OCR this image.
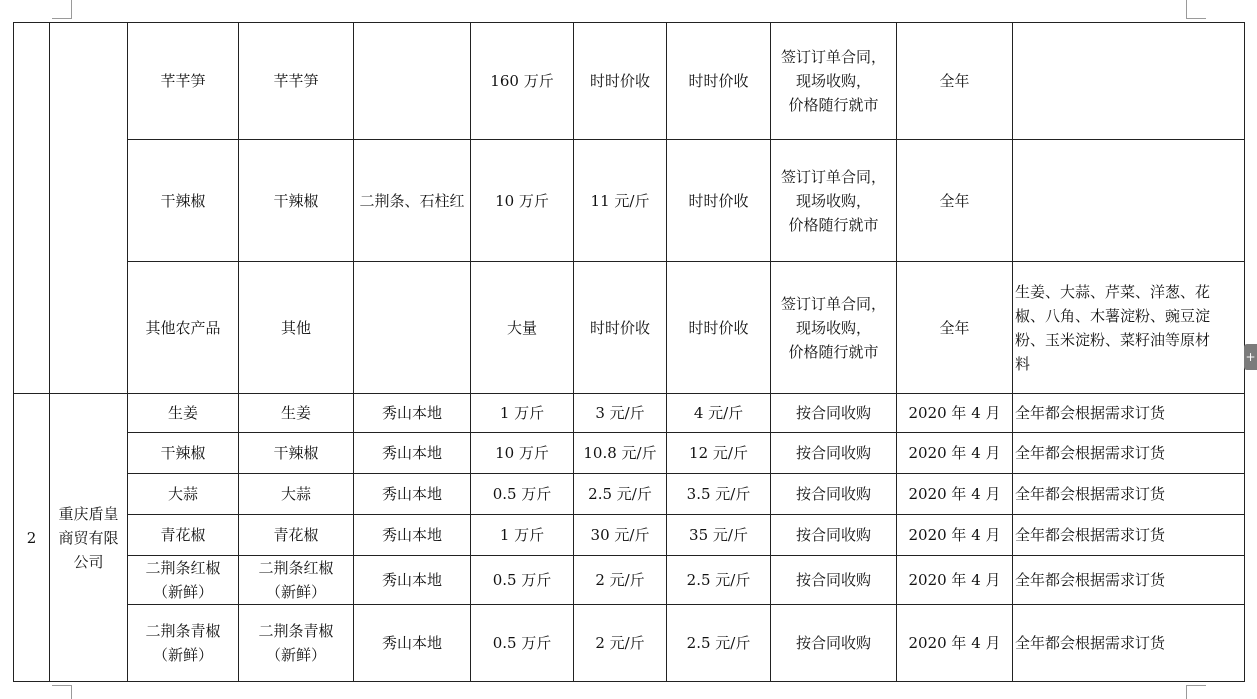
		芊芊笋	芊芊笋		160 万斤	时时价收	时时价收	签订订单合同，
现场收购，
价格随行就市	全年	
		干辣椒	干辣椒	二荆条、石柱红	10 万斤	11 元/斤	时时价收	签订订单合同，
现场收购，
价格随行就市	全年	
		其他农产品	其他		大量	时时价收	时时价收	签订订单合同，
现场收购，
价格随行就市	全年	生姜、大蒜、芹菜、洋葱、花
椒、八角、木薯淀粉、豌豆淀
粉、玉米淀粉、菜籽油等原材
料

2	重庆盾皇
商贸有限
公司	生姜	生姜	秀山本地	1 万斤	3 元/斤	4 元/斤	按合同收购	2020 年 4 月	全年都会根据需求订货

		干辣椒	干辣椒	秀山本地	10 万斤	10.8 元/斤	12 元/斤	按合同收购	2020 年 4 月	全年都会根据需求订货

		大蒜	大蒜	秀山本地	0.5 万斤	2.5 元/斤	3.5 元/斤	按合同收购	2020 年 4 月	全年都会根据需求订货

		青花椒	青花椒	秀山本地	1 万斤	30 元/斤	35 元/斤	按合同收购	2020 年 4 月	全年都会根据需求订货

		二荆条红椒
（新鲜）	二荆条红椒
（新鲜）	秀山本地	0.5 万斤	2 元/斤	2.5 元/斤	按合同收购	2020 年 4 月	全年都会根据需求订货

		二荆条青椒
（新鲜）	二荆条青椒
（新鲜）	秀山本地	0.5 万斤	2 元/斤	2.5 元/斤	按合同收购	2020 年 4 月	全年都会根据需求订货
+
